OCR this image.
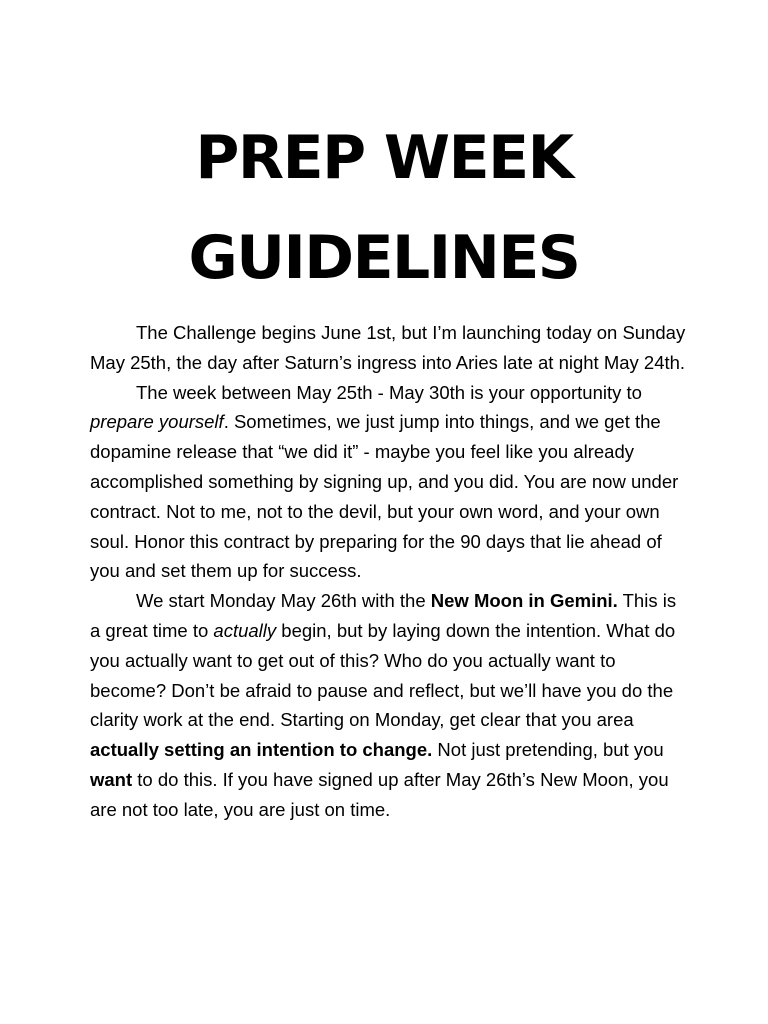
PREP WEEK
GUIDELINES

The Challenge begins June 1st, but I’m launching today on Sunday May 25th, the day after Saturn’s ingress into Aries late at night May 24th.

The week between May 25th - May 30th is your opportunity to prepare yourself. Sometimes, we just jump into things, and we get the dopamine release that “we did it” - maybe you feel like you already accomplished something by signing up, and you did. You are now under contract. Not to me, not to the devil, but your own word, and your own soul. Honor this contract by preparing for the 90 days that lie ahead of you and set them up for success.

We start Monday May 26th with the New Moon in Gemini. This is a great time to actually begin, but by laying down the intention. What do you actually want to get out of this? Who do you actually want to become? Don’t be afraid to pause and reflect, but we’ll have you do the clarity work at the end. Starting on Monday, get clear that you area actually setting an intention to change. Not just pretending, but you want to do this. If you have signed up after May 26th’s New Moon, you are not too late, you are just on time.
